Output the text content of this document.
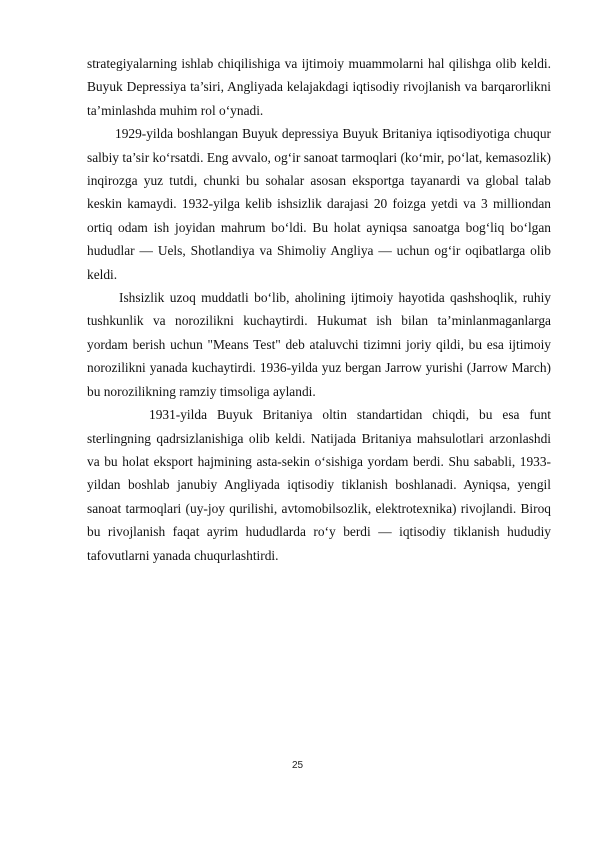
strategiyalarning ishlab chiqilishiga va ijtimoiy muammolarni hal qilishga olib keldi. Buyuk Depressiya ta’siri, Angliyada kelajakdagi iqtisodiy rivojlanish va barqarorlikni ta’minlashda muhim rol o‘ynadi.

1929-yilda boshlangan Buyuk depressiya Buyuk Britaniya iqtisodiyotiga chuqur salbiy ta’sir ko‘rsatdi. Eng avvalo, og‘ir sanoat tarmoqlari (ko‘mir, po‘lat, kemasozlik) inqirozga yuz tutdi, chunki bu sohalar asosan eksportga tayanardi va global talab keskin kamaydi. 1932-yilga kelib ishsizlik darajasi 20 foizga yetdi va 3 milliondan ortiq odam ish joyidan mahrum bo‘ldi. Bu holat ayniqsa sanoatga bog‘liq bo‘lgan hududlar — Uels, Shotlandiya va Shimoliy Angliya — uchun og‘ir oqibatlarga olib keldi.

Ishsizlik uzoq muddatli bo‘lib, aholining ijtimoiy hayotida qashshoqlik, ruhiy tushkunlik va norozilikni kuchaytirdi. Hukumat ish bilan ta’minlanmaganlarga yordam berish uchun "Means Test" deb ataluvchi tizimni joriy qildi, bu esa ijtimoiy norozilikni yanada kuchaytirdi. 1936-yilda yuz bergan Jarrow yurishi (Jarrow March) bu norozilikning ramziy timsoliga aylandi.

1931-yilda Buyuk Britaniya oltin standartidan chiqdi, bu esa funt sterlingning qadrsizlanishiga olib keldi. Natijada Britaniya mahsulotlari arzonlashdi va bu holat eksport hajmining asta-sekin o‘sishiga yordam berdi. Shu sababli, 1933-yildan boshlab janubiy Angliyada iqtisodiy tiklanish boshlanadi. Ayniqsa, yengil sanoat tarmoqlari (uy-joy qurilishi, avtomobilsozlik, elektrotexnika) rivojlandi. Biroq bu rivojlanish faqat ayrim hududlarda ro‘y berdi — iqtisodiy tiklanish hududiy tafovutlarni yanada chuqurlashtirdi.

25
